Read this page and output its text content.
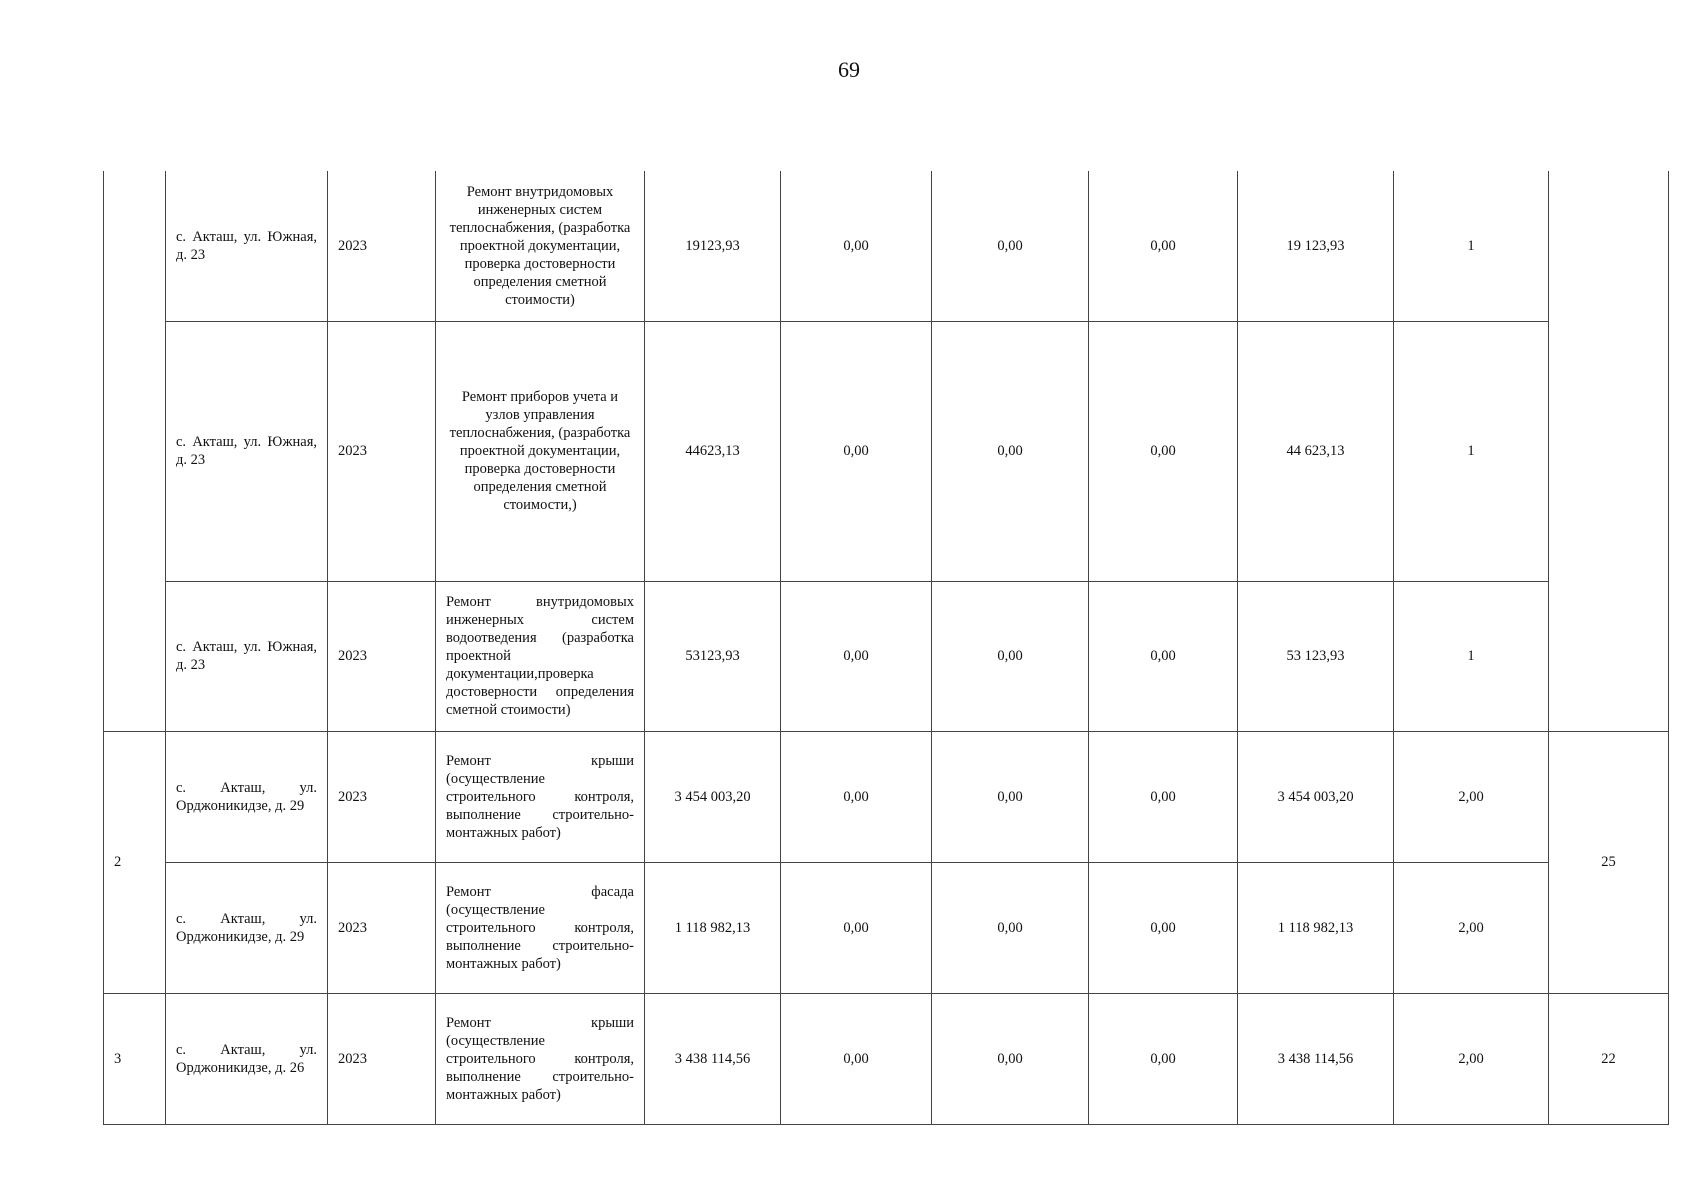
69
	с. Акташ, ул. Южная, д. 23	2023	Ремонт внутридомовых инженерных систем теплоснабжения, (разработка проектной документации, проверка достоверности определения сметной стоимости)	19123,93	0,00	0,00	0,00	19 123,93	1	
	с. Акташ, ул. Южная, д. 23	2023	Ремонт приборов учета и узлов управления теплоснабжения, (разработка проектной документации, проверка достоверности определения сметной стоимости,)	44623,13	0,00	0,00	0,00	44 623,13	1	
	с. Акташ, ул. Южная, д. 23	2023	Ремонт внутридомовых инженерных систем водоотведения (разработка проектной документации,проверка достоверности определения сметной стоимости)	53123,93	0,00	0,00	0,00	53 123,93	1	
2	с. Акташ, ул. Орджоникидзе, д. 29	2023	Ремонт крыши (осуществление строительного контроля, выполнение строительно-монтажных работ)	3 454 003,20	0,00	0,00	0,00	3 454 003,20	2,00	25
	с. Акташ, ул. Орджоникидзе, д. 29	2023	Ремонт фасада (осуществление строительного контроля, выполнение строительно-монтажных работ)	1 118 982,13	0,00	0,00	0,00	1 118 982,13	2,00	
3	с. Акташ, ул. Орджоникидзе, д. 26	2023	Ремонт крыши (осуществление строительного контроля, выполнение строительно-монтажных работ)	3 438 114,56	0,00	0,00	0,00	3 438 114,56	2,00	22
